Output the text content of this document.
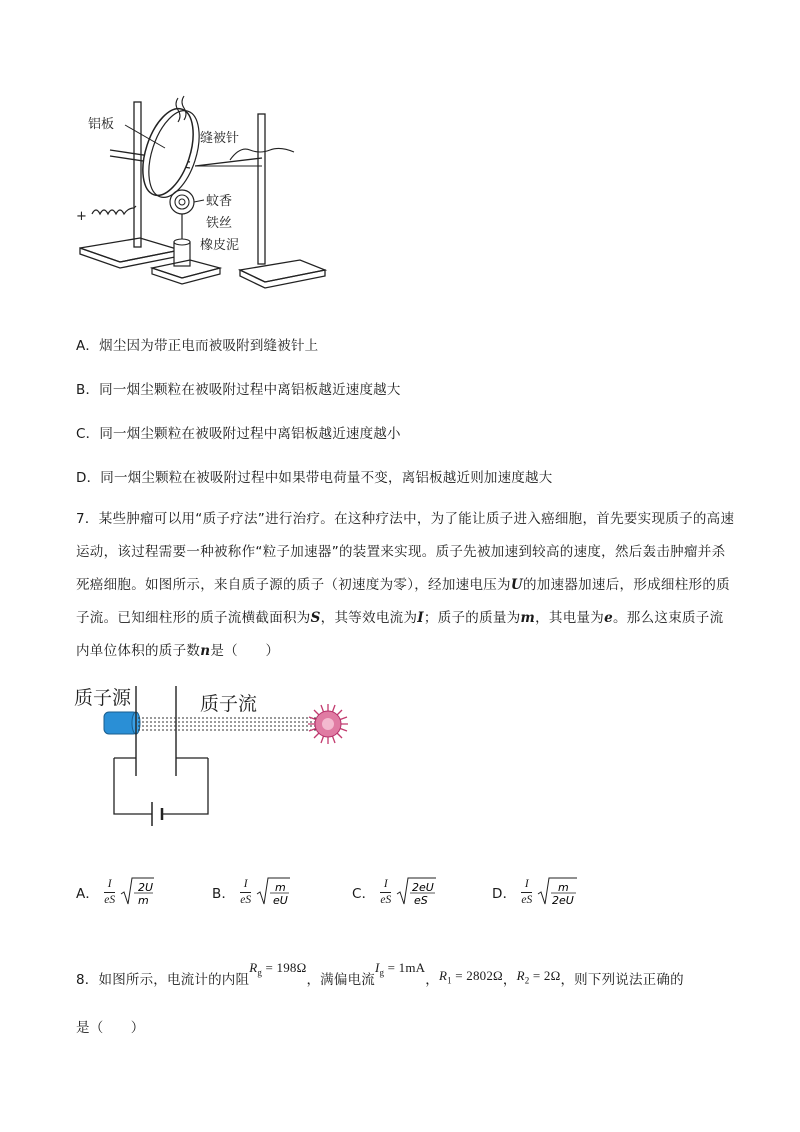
铝板
+
缝被针
蚊香
铁丝
橡皮泥
A．烟尘因为带正电而被吸附到缝被针上
B．同一烟尘颗粒在被吸附过程中离铝板越近速度越大
C．同一烟尘颗粒在被吸附过程中离铝板越近速度越小
D．同一烟尘颗粒在被吸附过程中如果带电荷量不变，离铝板越近则加速度越大
7．某些肿瘤可以用“质子疗法”进行治疗。在这种疗法中，为了能让质子进入癌细胞，首先要实现质子的高速运动，该过程需要一种被称作“粒子加速器”的装置来实现。质子先被加速到较高的速度，然后轰击肿瘤并杀死癌细胞。如图所示，来自质子源的质子（初速度为零），经加速电压为U的加速器加速后，形成细柱形的质子流。已知细柱形的质子流横截面积为S，其等效电流为I；质子的质量为m，其电量为e。那么这束质子流内单位体积的质子数n是（　　）
质子源	质子流
A． $\frac{I}{eS}$
2U
m	B． $\frac{I}{eS}$
m
eU	C． $\frac{I}{eS}$
2eU
eS	D． $\frac{I}{eS}$
m
2eU
8．如图所示，电流计的内阻$R_g = 198\Omega$，满偏电流$I_g = 1mA$，$R_1 = 2802\Omega$，$R_2 = 2\Omega$，则下列说法正确的
是（　　）
